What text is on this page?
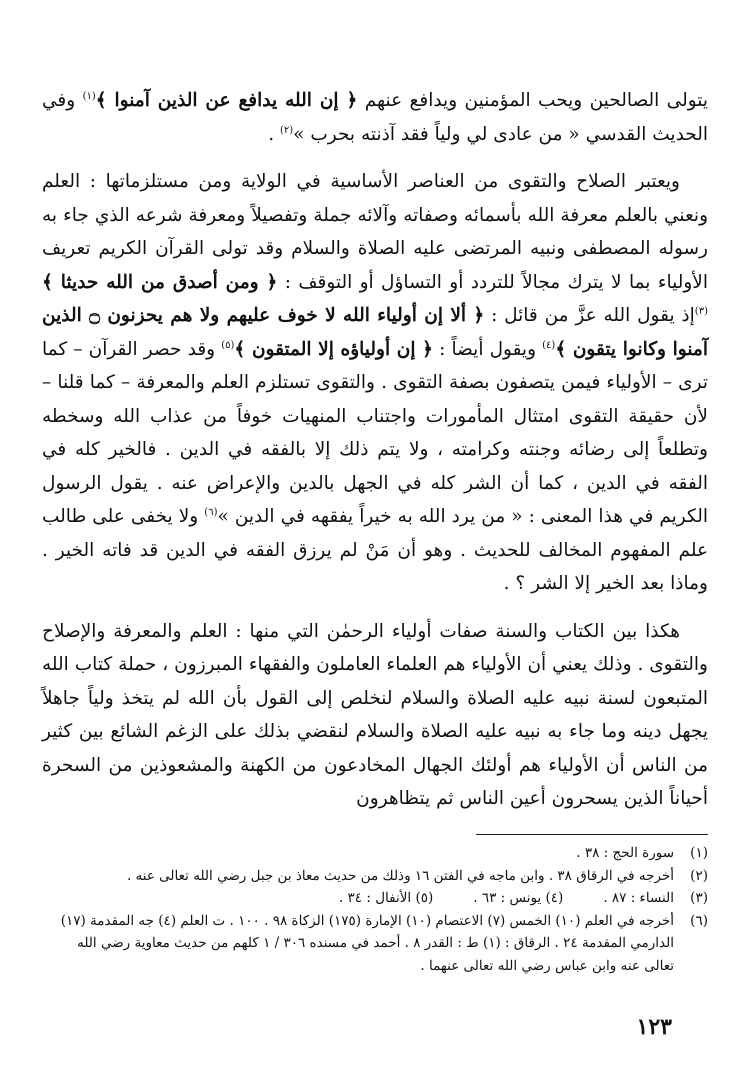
يتولى الصالحين ويحب المؤمنين ويدافع عنهم ﴿ إن الله يدافع عن الذين آمنوا ﴾$^{(١)}$ وفي الحديث القدسي « من عادى لي ولياً فقد آذنته بحرب »$^{(٢)}$ .

ويعتبر الصلاح والتقوى من العناصر الأساسية في الولاية ومن مستلزماتها : العلم ونعني بالعلم معرفة الله بأسمائه وصفاته وآلائه جملة وتفصيلاً ومعرفة شرعه الذي جاء به رسوله المصطفى ونبيه المرتضى عليه الصلاة والسلام وقد تولى القرآن الكريم تعريف الأولياء بما لا يترك مجالاً للتردد أو التساؤل أو التوقف : ﴿ ومن أصدق من الله حديثا ﴾$^{(٣)}$إذ يقول الله عزَّ من قائل : ﴿ ألا إن أولياء الله لا خوف عليهم ولا هم يحزنون ۝ الذين آمنوا وكانوا يتقون ﴾$^{(٤)}$ ويقول أيضاً : ﴿ إن أولياؤه إلا المتقون ﴾$^{(٥)}$ وقد حصر القرآن – كما ترى – الأولياء فيمن يتصفون بصفة التقوى . والتقوى تستلزم العلم والمعرفة – كما قلنا – لأن حقيقة التقوى امتثال المأمورات واجتناب المنهيات خوفاً من عذاب الله وسخطه وتطلعاً إلى رضائه وجنته وكرامته ، ولا يتم ذلك إلا بالفقه في الدين . فالخير كله في الفقه في الدين ، كما أن الشر كله في الجهل بالدين والإعراض عنه . يقول الرسول الكريم في هذا المعنى : « من يرد الله به خيراً يفقهه في الدين »$^{(٦)}$ ولا يخفى على طالب علم المفهوم المخالف للحديث . وهو أن مَنْ لم يرزق الفقه في الدين قد فاته الخير . وماذا بعد الخير إلا الشر ؟ .

هكذا بين الكتاب والسنة صفات أولياء الرحمٰن التي منها : العلم والمعرفة والإصلاح والتقوى . وذلك يعني أن الأولياء هم العلماء العاملون والفقهاء المبرزون ، حملة كتاب الله المتبعون لسنة نبيه عليه الصلاة والسلام لنخلص إلى القول بأن الله لم يتخذ ولياً جاهلاً يجهل دينه وما جاء به نبيه عليه الصلاة والسلام لنقضي بذلك على الزغم الشائع بين كثير من الناس أن الأولياء هم أولئك الجهال المخادعون من الكهنة والمشعوذين من السحرة أحياناً الذين يسحرون أعين الناس ثم يتظاهرون

(١)
سورة الحج : ٣٨ .
(٢)
أخرجه في الرقاق ٣٨ . وابن ماجه في الفتن ١٦ وذلك من حديث معاذ بن جبل رضي الله تعالى عنه .
(٣)
النساء : ٨٧ .
(٤) يونس : ٦٣ .
(٥) الأنفال : ٣٤ .
(٦)
أخرجه في العلم (١٠) الخمس (٧) الاعتصام (١٠) الإمارة (١٧٥) الزكاة ٩٨ . ١٠٠ . ت العلم (٤) جه المقدمة (١٧) الدارمي المقدمة ٢٤ . الرقاق : (١) ط : القدر ٨ . أحمد في مسنده ٣٠٦ / ١ كلهم من حديث معاوية رضي الله تعالى عنه وابن عباس رضي الله تعالى عنهما .
١٢٣
